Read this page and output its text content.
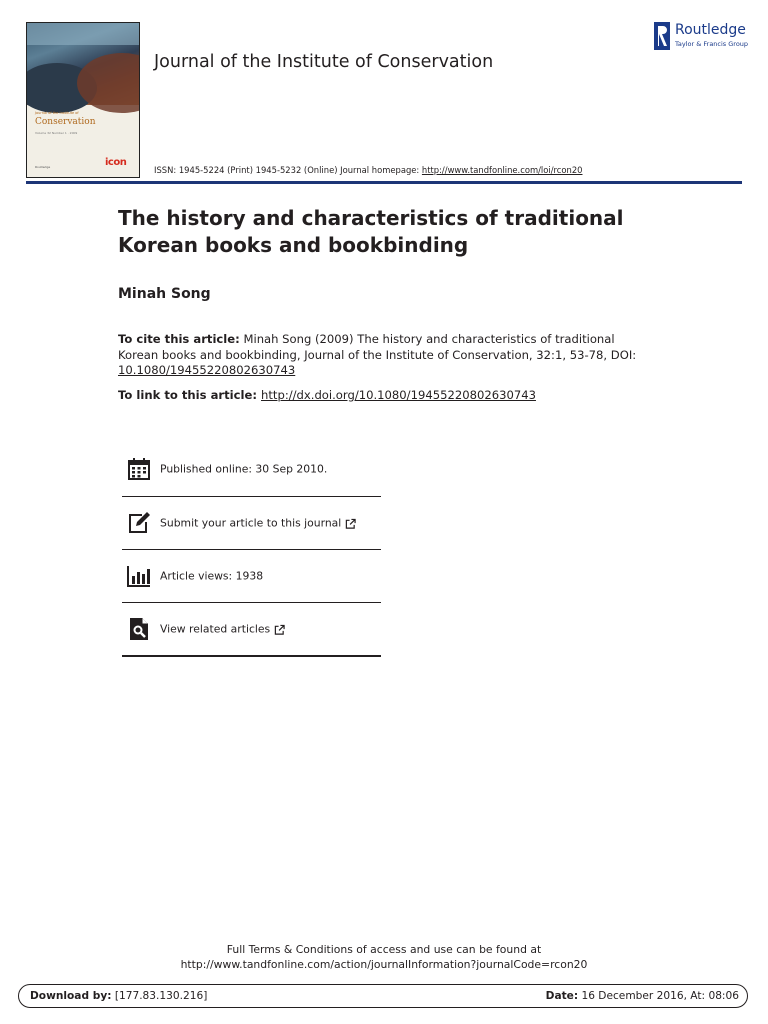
Journal of the Institute of
Conservation
Volume 32 Number 1 · 2009
icon
Routledge
Journal of the Institute of Conservation
Routledge
Taylor & Francis Group
ISSN: 1945-5224 (Print) 1945-5232 (Online) Journal homepage: http://www.tandfonline.com/loi/rcon20
The history and characteristics of traditional Korean books and bookbinding
Minah Song
To cite this article: Minah Song (2009) The history and characteristics of traditional Korean books and bookbinding, Journal of the Institute of Conservation, 32:1, 53-78, DOI: 10.1080/19455220802630743
To link to this article: http://dx.doi.org/10.1080/19455220802630743
Published online: 30 Sep 2010.
Submit your article to this journal
Article views: 1938
View related articles
Full Terms & Conditions of access and use can be found at
http://www.tandfonline.com/action/journalInformation?journalCode=rcon20
Download by: [177.83.130.216]	Date: 16 December 2016, At: 08:06
